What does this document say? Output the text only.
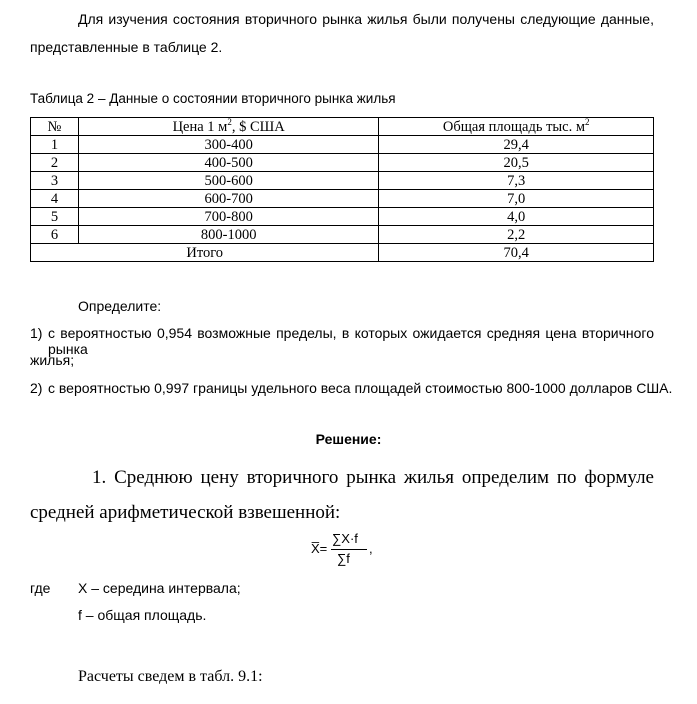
Для изучения состояния вторичного рынка жилья были получены следующие данные,
представленные в таблице 2.
Таблица 2 – Данные о состоянии вторичного рынка жилья
№	Цена 1 $м^2$, $ США	Общая площадь тыс. $м^2$
1	300-400	29,4
2	400-500	20,5
3	500-600	7,3
4	600-700	7,0
5	700-800	4,0
6	800-1000	2,2
Итого		70,4
Определите:
1) с вероятностью 0,954 возможные пределы, в которых ожидается средняя цена вторичного рынка
жилья;
2) с вероятностью 0,997 границы удельного веса площадей стоимостью 800-1000 долларов США.
Решение:
1. Среднюю цену вторичного рынка жилья определим по формуле
средней арифметической взвешенной:
X̅=
∑X·f
∑f
,
где X – середина интервала;
f – общая площадь.
Расчеты сведем в табл. 9.1:
